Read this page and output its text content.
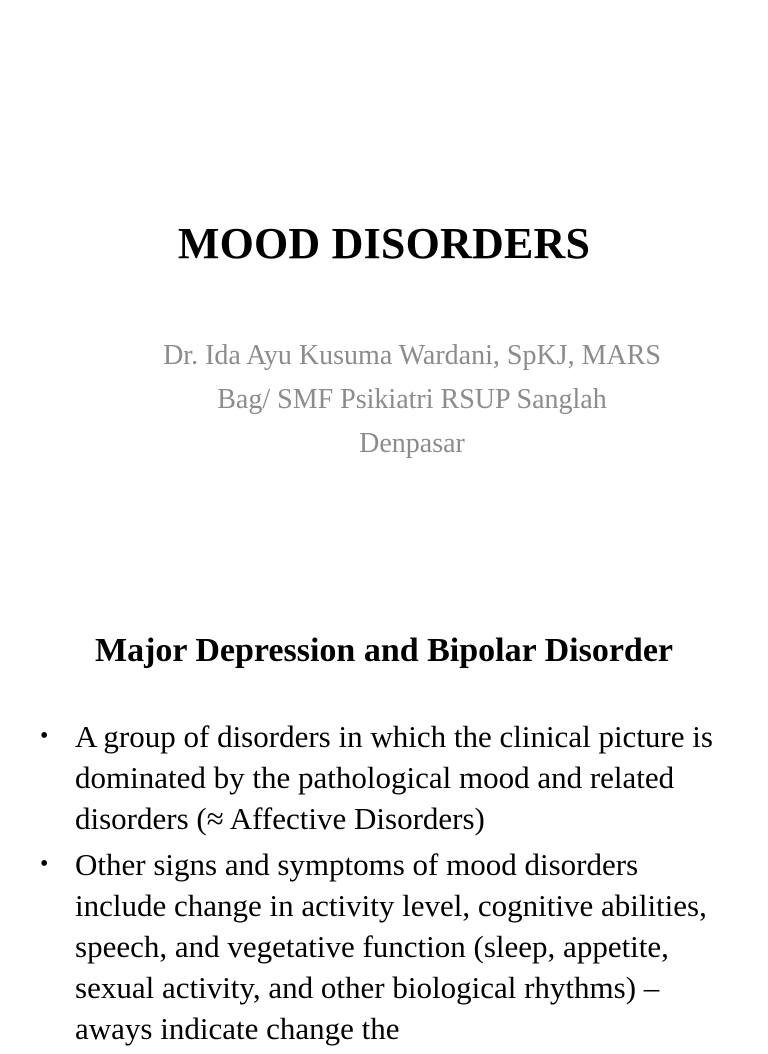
MOOD DISORDERS
Dr. Ida Ayu Kusuma Wardani, SpKJ, MARS
Bag/ SMF Psikiatri RSUP Sanglah
Denpasar
Major Depression and Bipolar Disorder
• A group of disorders in which the clinical picture is dominated by the pathological mood and related disorders (≈ Affective Disorders)
• Other signs and symptoms of mood disorders include change in activity level, cognitive abilities, speech, and vegetative function (sleep, appetite, sexual activity, and other biological rhythms) – aways indicate change the
